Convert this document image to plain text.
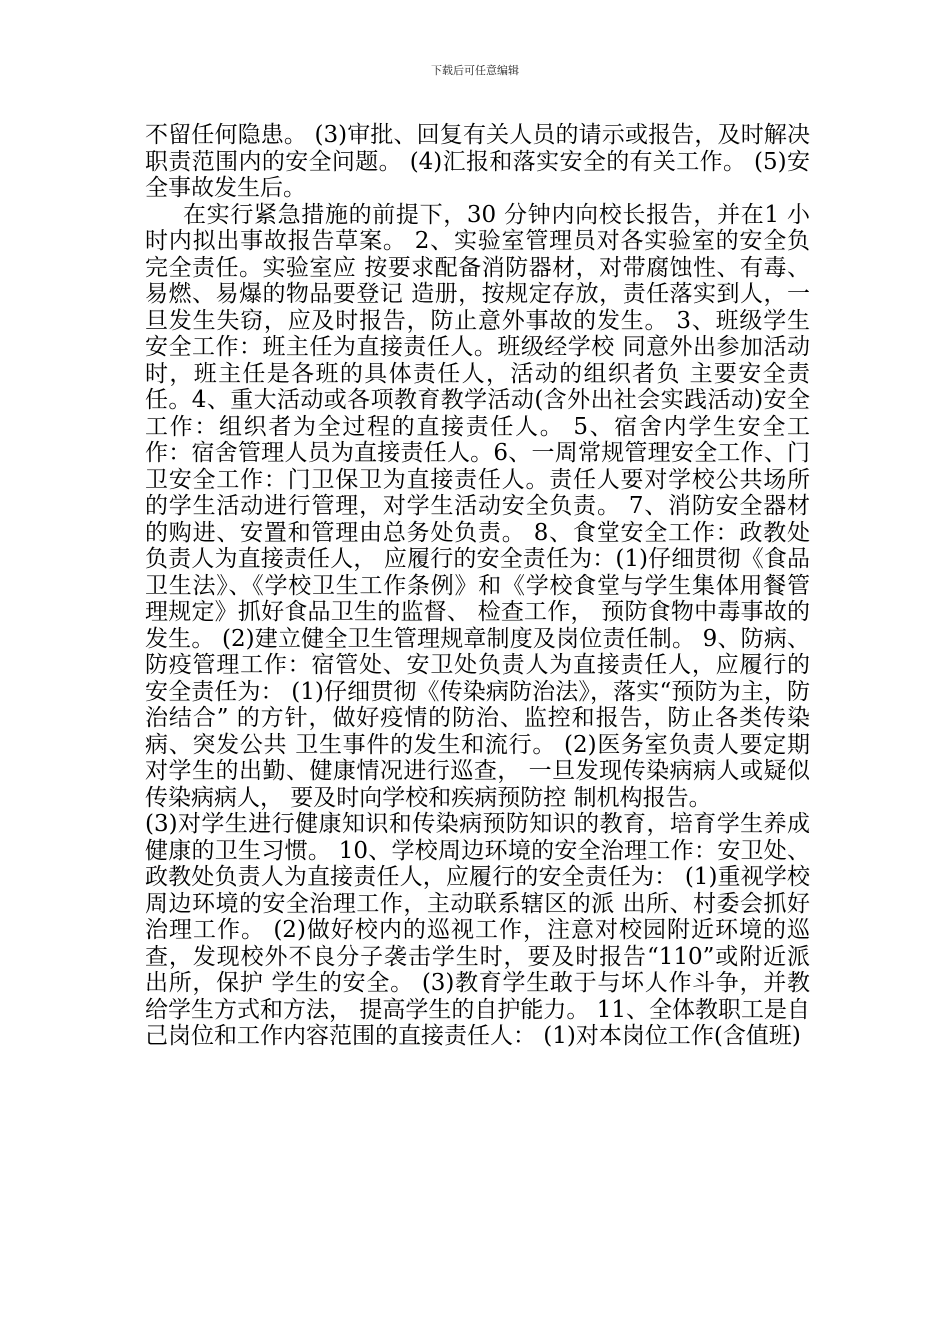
下载后可任意编辑

不留任何隐患。 (3)审批、回复有关人员的请示或报告，及时解决职责范围内的安全问题。 (4)汇报和落实安全的有关工作。 (5)安全事故发生后。

在实行紧急措施的前提下，30 分钟内向校长报告，并在1 小时内拟出事故报告草案。 2、实验室管理员对各实验室的安全负完全责任。实验室应 按要求配备消防器材，对带腐蚀性、有毒、易燃、易爆的物品要登记 造册，按规定存放，责任落实到人，一旦发生失窃，应及时报告，防止意外事故的发生。 3、班级学生安全工作：班主任为直接责任人。班级经学校 同意外出参加活动时，班主任是各班的具体责任人，活动的组织者负 主要安全责任。4、重大活动或各项教育教学活动(含外出社会实践活动)安全工作：组织者为全过程的直接责任人。 5、宿舍内学生安全工作：宿舍管理人员为直接责任人。6、一周常规管理安全工作、门卫安全工作：门卫保卫为直接责任人。责任人要对学校公共场所的学生活动进行管理，对学生活动安全负责。 7、消防安全器材的购进、安置和管理由总务处负责。 8、食堂安全工作：政教处负责人为直接责任人， 应履行的安全责任为：(1)仔细贯彻《食品卫生法》、《学校卫生工作条例》和《学校食堂与学生集体用餐管理规定》抓好食品卫生的监督、 检查工作， 预防食物中毒事故的发生。 (2)建立健全卫生管理规章制度及岗位责任制。 9、防病、防疫管理工作：宿管处、安卫处负责人为直接责任人，应履行的安全责任为： (1)仔细贯彻《传染病防治法》，落实“预防为主，防治结合” 的方针，做好疫情的防治、监控和报告，防止各类传染病、突发公共 卫生事件的发生和流行。 (2)医务室负责人要定期对学生的出勤、健康情况进行巡查， 一旦发现传染病病人或疑似传染病病人， 要及时向学校和疾病预防控 制机构报告。

(3)对学生进行健康知识和传染病预防知识的教育，培育学生养成健康的卫生习惯。 10、学校周边环境的安全治理工作：安卫处、政教处负责人为直接责任人，应履行的安全责任为： (1)重视学校周边环境的安全治理工作，主动联系辖区的派 出所、村委会抓好治理工作。 (2)做好校内的巡视工作，注意对校园附近环境的巡查，发现校外不良分子袭击学生时，要及时报告“110”或附近派出所，保护 学生的安全。 (3)教育学生敢于与坏人作斗争，并教给学生方式和方法， 提高学生的自护能力。 11、全体教职工是自己岗位和工作内容范围的直接责任人： (1)对本岗位工作(含值班)
